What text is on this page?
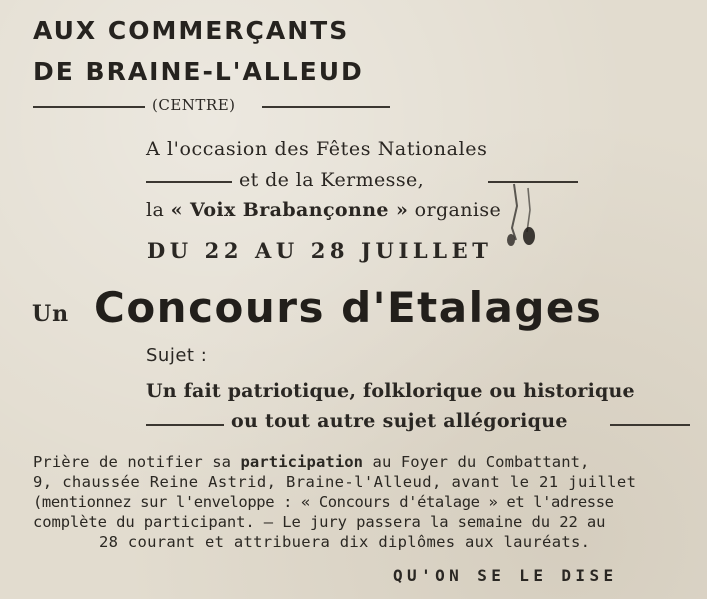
AUX COMMERÇANTS
DE BRAINE-L'ALLEUD
(CENTRE)
A l'occasion des Fêtes Nationales
et de la Kermesse,
la « Voix Brabançonne » organise
DU 22 AU 28 JUILLET
Un Concours d'Etalages
Sujet :
Un fait patriotique, folklorique ou historique
ou tout autre sujet allégorique
Prière de notifier sa participation au Foyer du Combattant,
9, chaussée Reine Astrid, Braine-l'Alleud, avant le 21 juillet
(mentionnez sur l'enveloppe : « Concours d'étalage » et l'adresse
complète du participant. — Le jury passera la semaine du 22 au
28 courant et attribuera dix diplômes aux lauréats.
QU'ON SE LE DISE
